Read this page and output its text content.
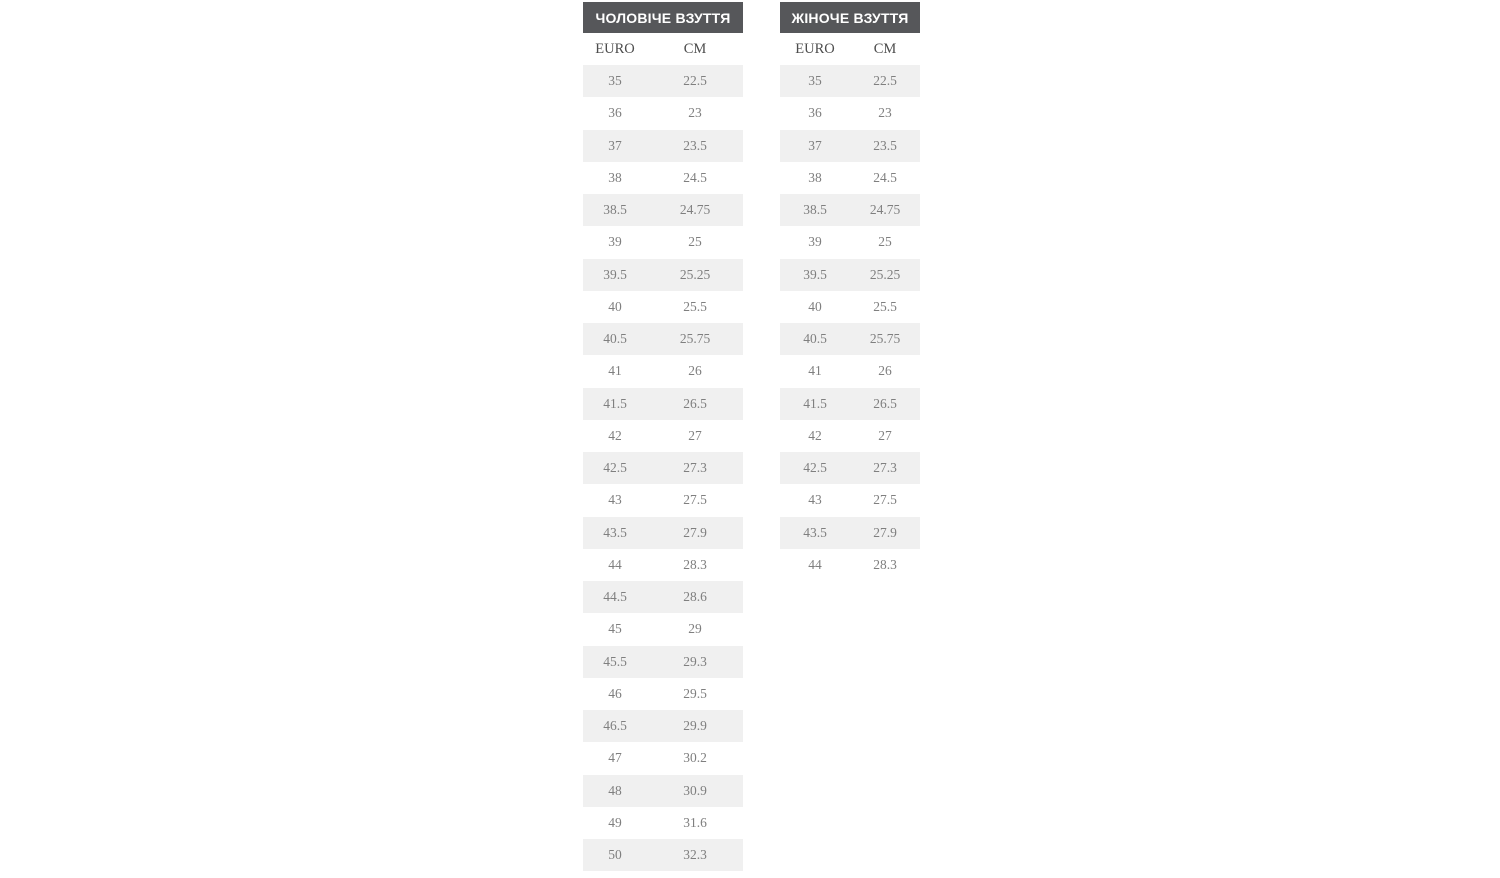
ЧОЛОВІЧЕ ВЗУТТЯ
EURO	CM
35	22.5
36	23
37	23.5
38	24.5
38.5	24.75
39	25
39.5	25.25
40	25.5
40.5	25.75
41	26
41.5	26.5
42	27
42.5	27.3
43	27.5
43.5	27.9
44	28.3
44.5	28.6
45	29
45.5	29.3
46	29.5
46.5	29.9
47	30.2
48	30.9
49	31.6
50	32.3
ЖІНОЧЕ ВЗУТТЯ
EURO	CM
35	22.5
36	23
37	23.5
38	24.5
38.5	24.75
39	25
39.5	25.25
40	25.5
40.5	25.75
41	26
41.5	26.5
42	27
42.5	27.3
43	27.5
43.5	27.9
44	28.3
